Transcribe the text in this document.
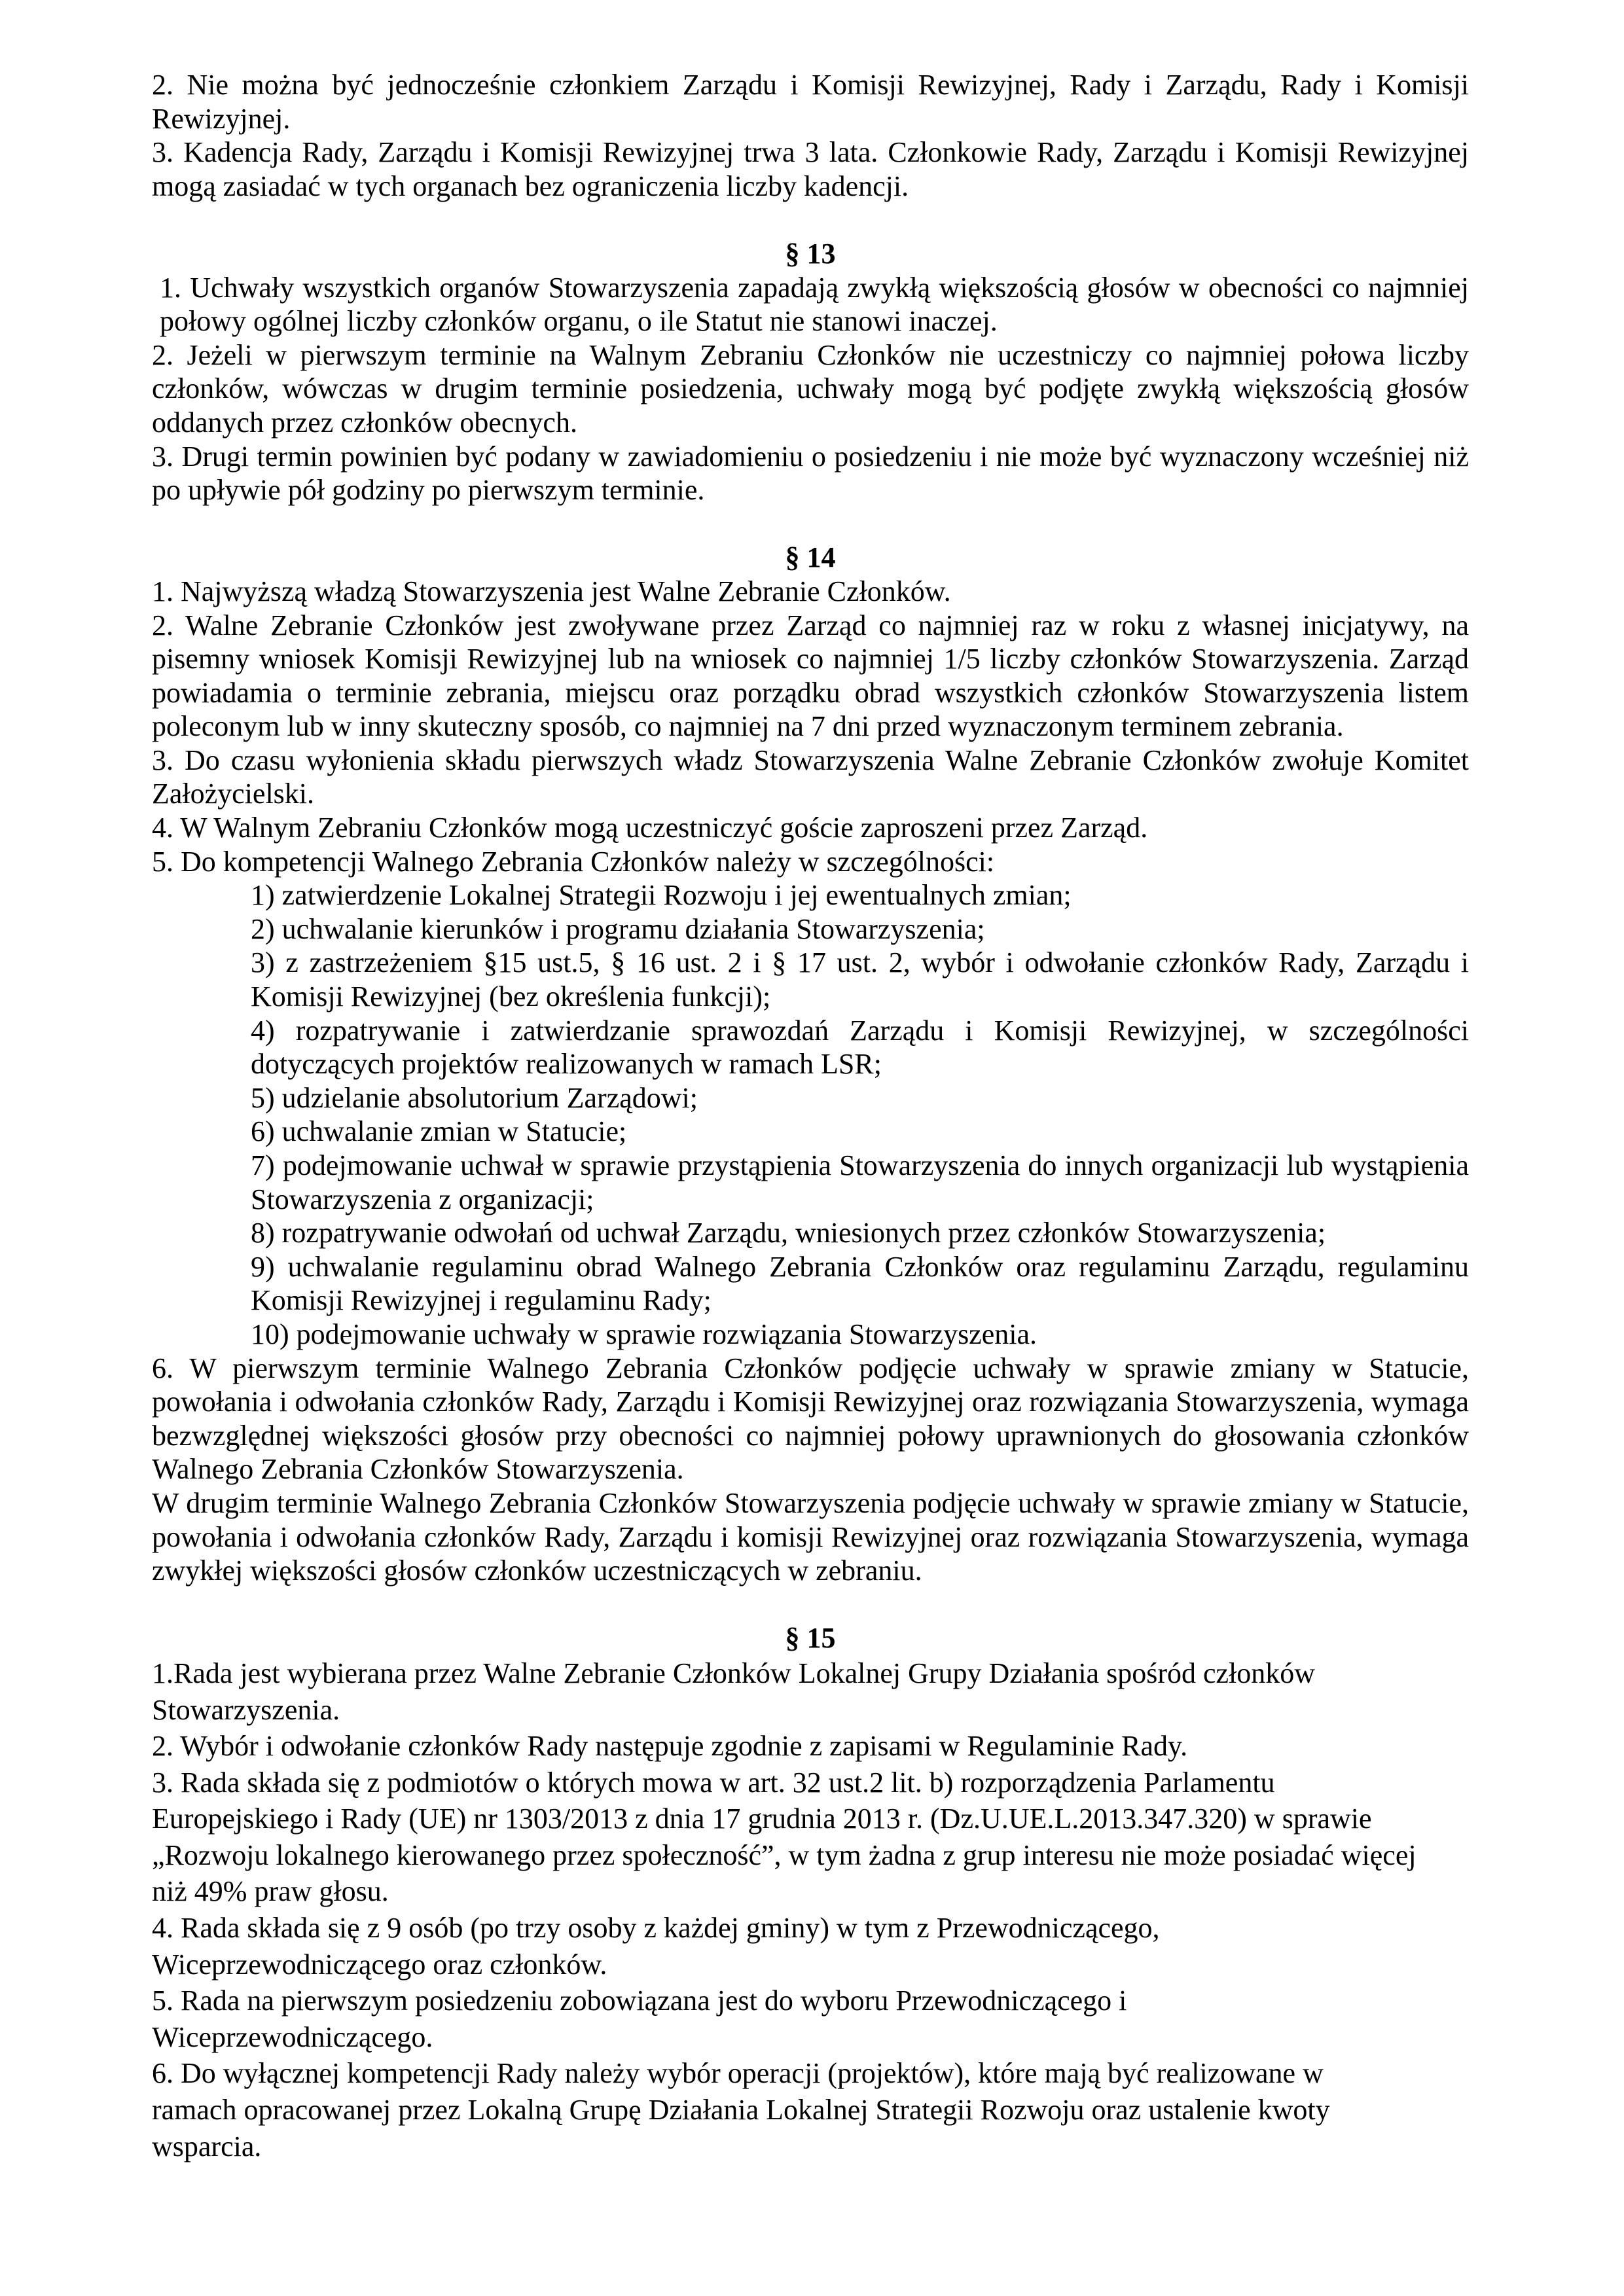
2. Nie można być jednocześnie członkiem Zarządu i Komisji Rewizyjnej, Rady i Zarządu, Rady i Komisji Rewizyjnej.

3. Kadencja Rady, Zarządu i Komisji Rewizyjnej trwa 3 lata. Członkowie Rady, Zarządu i Komisji Rewizyjnej mogą zasiadać w tych organach bez ograniczenia liczby kadencji.

§ 13

1. Uchwały wszystkich organów Stowarzyszenia zapadają zwykłą większością głosów w obecności co najmniej połowy ogólnej liczby członków organu, o ile Statut nie stanowi inaczej.

2. Jeżeli w pierwszym terminie na Walnym Zebraniu Członków nie uczestniczy co najmniej połowa liczby członków, wówczas w drugim terminie posiedzenia, uchwały mogą być podjęte zwykłą większością głosów oddanych przez członków obecnych.

3. Drugi termin powinien być podany w zawiadomieniu o posiedzeniu i nie może być wyznaczony wcześniej niż po upływie pół godziny po pierwszym terminie.

§ 14

1. Najwyższą władzą Stowarzyszenia jest Walne Zebranie Członków.

2. Walne Zebranie Członków jest zwoływane przez Zarząd co najmniej raz w roku z własnej inicjatywy, na pisemny wniosek Komisji Rewizyjnej lub na wniosek co najmniej 1/5 liczby członków Stowarzyszenia. Zarząd powiadamia o terminie zebrania, miejscu oraz porządku obrad wszystkich członków Stowarzyszenia listem poleconym lub w inny skuteczny sposób, co najmniej na 7 dni przed wyznaczonym terminem zebrania.

3. Do czasu wyłonienia składu pierwszych władz Stowarzyszenia Walne Zebranie Członków zwołuje Komitet Założycielski.

4. W Walnym Zebraniu Członków mogą uczestniczyć goście zaproszeni przez Zarząd.

5. Do kompetencji Walnego Zebrania Członków należy w szczególności:

1) zatwierdzenie Lokalnej Strategii Rozwoju i jej ewentualnych zmian;

2) uchwalanie kierunków i programu działania Stowarzyszenia;

3) z zastrzeżeniem §15 ust.5, § 16 ust. 2 i § 17 ust. 2, wybór i odwołanie członków Rady, Zarządu i Komisji Rewizyjnej (bez określenia funkcji);

4) rozpatrywanie i zatwierdzanie sprawozdań Zarządu i Komisji Rewizyjnej, w szczególności dotyczących projektów realizowanych w ramach LSR;

5) udzielanie absolutorium Zarządowi;

6) uchwalanie zmian w Statucie;

7) podejmowanie uchwał w sprawie przystąpienia Stowarzyszenia do innych organizacji lub wystąpienia Stowarzyszenia z organizacji;

8) rozpatrywanie odwołań od uchwał Zarządu, wniesionych przez członków Stowarzyszenia;

9) uchwalanie regulaminu obrad Walnego Zebrania Członków oraz regulaminu Zarządu, regulaminu Komisji Rewizyjnej i regulaminu Rady;

10) podejmowanie uchwały w sprawie rozwiązania Stowarzyszenia.

6. W pierwszym terminie Walnego Zebrania Członków podjęcie uchwały w sprawie zmiany w Statucie, powołania i odwołania członków Rady, Zarządu i Komisji Rewizyjnej oraz rozwiązania Stowarzyszenia, wymaga bezwzględnej większości głosów przy obecności co najmniej połowy uprawnionych do głosowania członków Walnego Zebrania Członków Stowarzyszenia.

W drugim terminie Walnego Zebrania Członków Stowarzyszenia podjęcie uchwały w sprawie zmiany w Statucie, powołania i odwołania członków Rady, Zarządu i komisji Rewizyjnej oraz rozwiązania Stowarzyszenia, wymaga zwykłej większości głosów członków uczestniczących w zebraniu.

§ 15

1.Rada jest wybierana przez Walne Zebranie Członków Lokalnej Grupy Działania spośród członków Stowarzyszenia.

2. Wybór i odwołanie członków Rady następuje zgodnie z zapisami w Regulaminie Rady.

3. Rada składa się z podmiotów o których mowa w art. 32 ust.2 lit. b) rozporządzenia Parlamentu Europejskiego i Rady (UE) nr 1303/2013 z dnia 17 grudnia 2013 r. (Dz.U.UE.L.2013.347.320) w sprawie „Rozwoju lokalnego kierowanego przez społeczność”, w tym żadna z grup interesu nie może posiadać więcej niż 49% praw głosu.

4. Rada składa się z 9 osób (po trzy osoby z każdej gminy) w tym z Przewodniczącego, Wiceprzewodniczącego oraz członków.

5. Rada na pierwszym posiedzeniu zobowiązana jest do wyboru Przewodniczącego i Wiceprzewodniczącego.

6. Do wyłącznej kompetencji Rady należy wybór operacji (projektów), które mają być realizowane w ramach opracowanej przez Lokalną Grupę Działania Lokalnej Strategii Rozwoju oraz ustalenie kwoty wsparcia.
